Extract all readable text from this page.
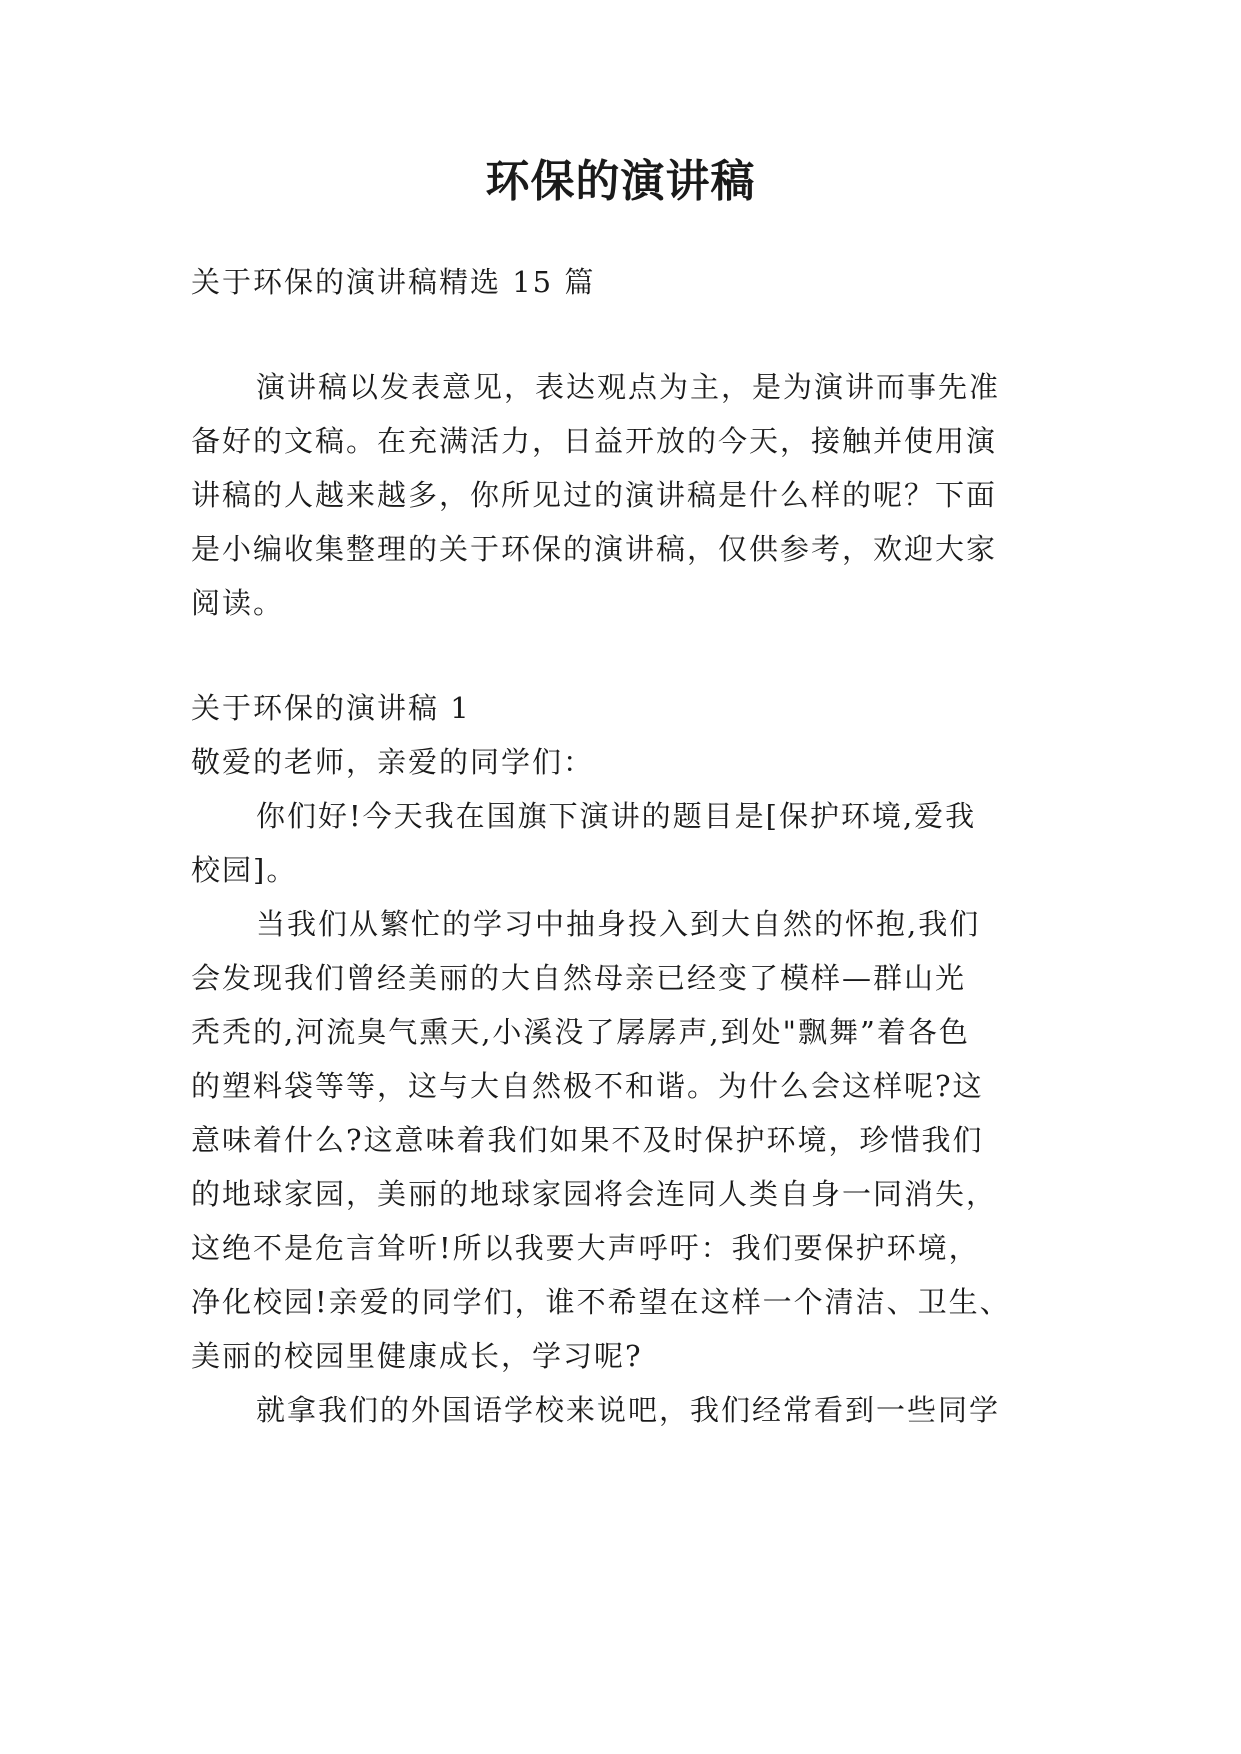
环保的演讲稿
关于环保的演讲稿精选 15 篇
演讲稿以发表意见，表达观点为主，是为演讲而事先准
备好的文稿。在充满活力，日益开放的今天，接触并使用演
讲稿的人越来越多，你所见过的演讲稿是什么样的呢？下面
是小编收集整理的关于环保的演讲稿，仅供参考，欢迎大家
阅读。
关于环保的演讲稿 1
敬爱的老师，亲爱的同学们：
你们好!今天我在国旗下演讲的题目是[保护环境,爱我
校园]。
当我们从繁忙的学习中抽身投入到大自然的怀抱,我们
会发现我们曾经美丽的大自然母亲已经变了模样—群山光
秃秃的,河流臭气熏天,小溪没了孱孱声,到处"飘舞”着各色
的塑料袋等等，这与大自然极不和谐。为什么会这样呢?这
意味着什么?这意味着我们如果不及时保护环境，珍惜我们
的地球家园，美丽的地球家园将会连同人类自身一同消失，
这绝不是危言耸听!所以我要大声呼吁：我们要保护环境，
净化校园!亲爱的同学们，谁不希望在这样一个清洁、卫生、
美丽的校园里健康成长，学习呢?
就拿我们的外国语学校来说吧，我们经常看到一些同学
